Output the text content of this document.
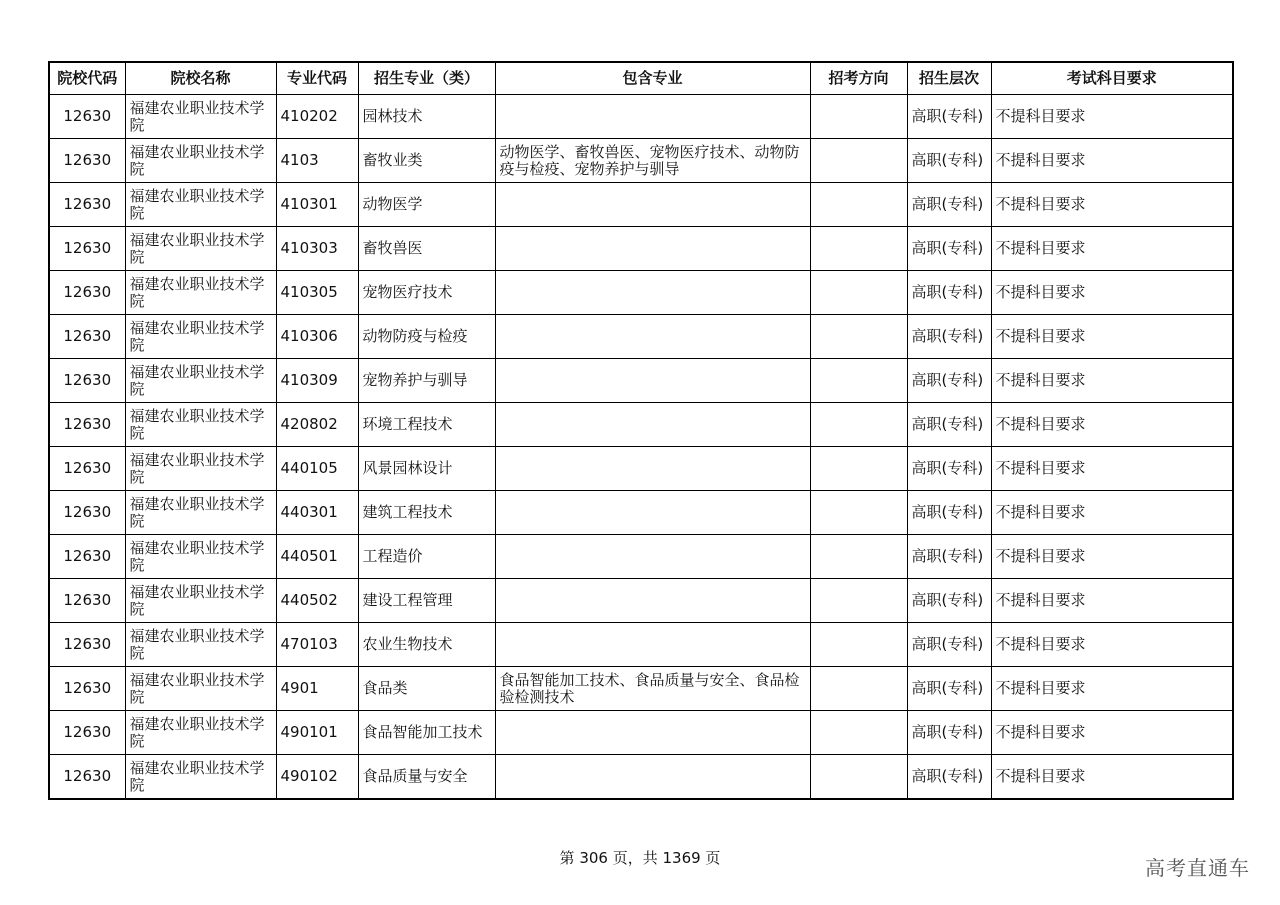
院校代码	院校名称	专业代码	招生专业（类）	包含专业	招考方向	招生层次	考试科目要求
12630	福建农业职业技术学院	410202	园林技术			高职(专科)	不提科目要求
12630	福建农业职业技术学院	4103	畜牧业类	动物医学、畜牧兽医、宠物医疗技术、动物防疫与检疫、宠物养护与驯导		高职(专科)	不提科目要求
12630	福建农业职业技术学院	410301	动物医学			高职(专科)	不提科目要求
12630	福建农业职业技术学院	410303	畜牧兽医			高职(专科)	不提科目要求
12630	福建农业职业技术学院	410305	宠物医疗技术			高职(专科)	不提科目要求
12630	福建农业职业技术学院	410306	动物防疫与检疫			高职(专科)	不提科目要求
12630	福建农业职业技术学院	410309	宠物养护与驯导			高职(专科)	不提科目要求
12630	福建农业职业技术学院	420802	环境工程技术			高职(专科)	不提科目要求
12630	福建农业职业技术学院	440105	风景园林设计			高职(专科)	不提科目要求
12630	福建农业职业技术学院	440301	建筑工程技术			高职(专科)	不提科目要求
12630	福建农业职业技术学院	440501	工程造价			高职(专科)	不提科目要求
12630	福建农业职业技术学院	440502	建设工程管理			高职(专科)	不提科目要求
12630	福建农业职业技术学院	470103	农业生物技术			高职(专科)	不提科目要求
12630	福建农业职业技术学院	4901	食品类	食品智能加工技术、食品质量与安全、食品检验检测技术		高职(专科)	不提科目要求
12630	福建农业职业技术学院	490101	食品智能加工技术			高职(专科)	不提科目要求
12630	福建农业职业技术学院	490102	食品质量与安全			高职(专科)	不提科目要求
第 306 页，共 1369 页	高考直通车
